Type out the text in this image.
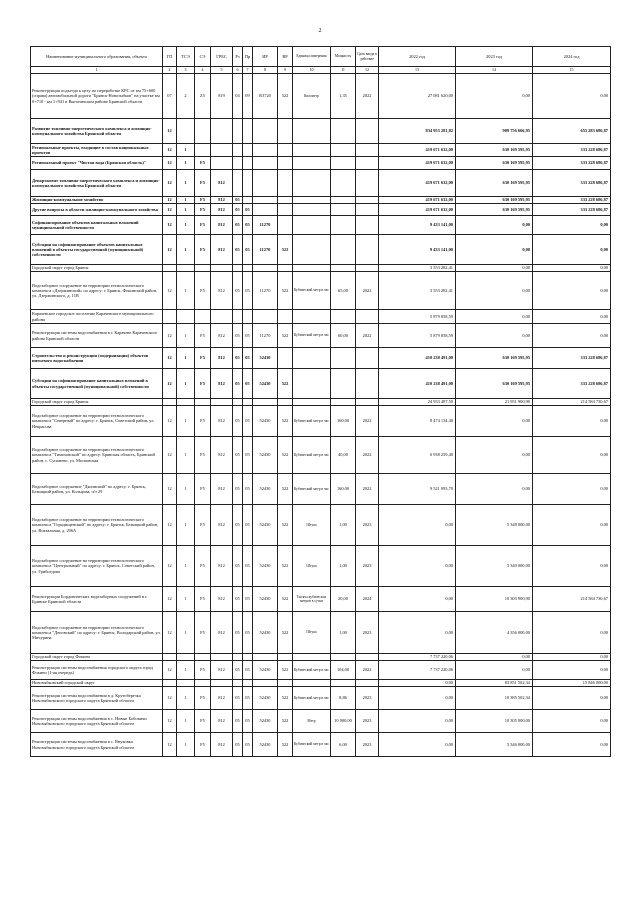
2
Наименование муниципального образования, объекта	ГП	ТСЭ	СЭ	ГРБС	Рз	Пр	ИР	ВР	Единица измерения	Мощность	Срок ввода в действие	2022 год	2023 год	2024 год
1	2	3	4	5	6	7	8	9	10	11	12	13	14	15
Реконструкция подъезда к цеху по переработке КРС от км 75+600 (справа) автомобильной дороги "Брянск-Новозыбков" на участке км 0+710 - км 1+941 в Выгоничском районе Брянской области	07	2	Z5	819	04	09	R3720	522	Километр	1,35	2022	27 081 620,00	0,00	0,00
Развитие топливно-энергетического комплекса и жилищно-коммунального хозяйства Брянской области	12											834 953 281,82	909 756 666,95	655 283 686,87
Региональные проекты, входящие в состав национальных проектов	12	1										419 671 632,00	630 169 595,95	333 228 686,87
Региональный проект "Чистая вода (Брянская область)"	12	1	F5									419 671 632,00	630 169 595,95	333 228 686,87
Департамент топливно-энергетического комплекса и жилищно-коммунального хозяйства Брянской области	12	1	F5	812								419 671 632,00	630 169 595,95	333 228 686,87
Жилищно-коммунальное хозяйство	12	1	F5	812	05							419 671 632,00	630 169 595,95	333 228 686,87
Другие вопросы в области жилищно-коммунального хозяйства	12	1	F5	812	05	05						419 671 632,00	630 169 595,95	333 228 686,87
Софинансирование объектов капитальных вложений муниципальной собственности	12	1	F5	812	05	05	11270					9 433 141,00	0,00	0,00
Субсидии на софинансирование объектов капитальных вложений в объекты государственной (муниципальной) собственности	12	1	F5	812	05	05	11270	522				9 433 141,00	0,00	0,00
Городской округ город Брянск												3 553 282,41	0,00	0,00
Водозаборное сооружение на территории технологического комплекса «Дзержинский» по адресу: г. Брянск, Фокинский район, ул. Дзержинского, д. 11В	12	1	F5	812	05	05	11270	522	Кубический метр в час	65,00	2022	3 553 282,41	0,00	0,00
Карачевское городское поселение Карачевского муниципального района												5 879 858,59	0,00	0,00
Реконструкция системы водоснабжения в г. Карачеве Карачевского района Брянской области	12	1	F5	812	05	05	11270	522	Кубический метр в час	60,00	2022	5 879 858,59	0,00	0,00
Строительство и реконструкция (модернизация) объектов питьевого водоснабжения	12	1	F5	812	05	05	52430					410 238 491,00	630 169 595,95	333 228 686,87
Субсидии на софинансирование капитальных вложений в объекты государственной (муниципальной) собственности	12	1	F5	812	05	05	52430	522				410 238 491,00	630 169 595,95	333 228 686,87
Городской округ город Брянск												24 933 487,50	21 951 900,90	214 584 730,67
Водозаборное сооружение на территории технологического комплекса "Северный" по адресу: г. Брянск, Советский район, ул. Некрасова	12	1	F5	812	05	05	52430	522	Кубический метр в час	160,00	2022	8 474 134,40	0,00	0,00
Водозаборное сооружение на территории технологического комплекса "Тимоховский" по адресу: Брянская область, Брянский район, с. Супонево, ул. Московская	12	1	F5	812	05	05	52430	522	Кубический метр в час	40,00	2022	6 938 259,40	0,00	0,00
Водозаборное сооружение "Дясинский" по адресу: г. Брянск, Бежицкий район, ул. Кольцова, п/з 29	12	1	F5	812	05	05	52430	522	Кубический метр в час	160,00	2022	9 521 093,70	0,00	0,00
Водозаборное сооружение на территории технологического комплекса "Городищенский" по адресу: г. Брянск, Бежицкий район, ул. Вокзальная, д. 206А	12	1	F5	812	05	05	52430	522	Штука	1,00	2023	0,00	5 348 000,00	0,00
Водозаборное сооружение на территории технологического комплекса "Центральный" по адресу: г. Брянск, Советский район, ул. Грибоедова	12	1	F5	812	05	05	52430	522	Штука	1,00	2023	0,00	5 340 000,00	0,00
Реконструкция Бордовических водозаборных сооружений в г. Брянске Брянской области	12	1	F5	812	05	05	52430	522	Тысяча кубических метров в сутки	20,00	2024	0,00	10 303 900,90	214 584 730,67
Водозаборное сооружение на территории технологического комплекса "Деповский" по адресу: г. Брянск, Володарский район, ул. Мичурина	12	1	F5	812	05	05	52430	522	Штука	1,00	2023	0,00	4 356 000,00	0,00
Городской округ город Фокино												7 737 220,06	0,00	0,00
Реконструкция системы водоснабжения городского округа город Фокино (1-ая очередь)	12	1	F5	812	05	05	52430	522	Кубический метр в час	104,00	2022	7 737 220,06	0,00	0,00
Новозыбковский городской округ												0,00	83 851 502,34	15 846 000,00
Реконструкция системы водоснабжения в д. Крутоберезка Новозыбковского городского округа Брянской области	12	1	F5	812	05	05	52430	522	Кубический метр в час	8,86	2023	0,00	10 385 502,34	0,00
Реконструкция системы водоснабжения в с. Новые Бобовичи Новозыбковского городского округа Брянской области	12	1	F5	812	05	05	52430	522	Метр	10 000,00	2023	0,00	10 305 000,00	0,00
Реконструкция системы водоснабжения в с. Внуковка Новозыбковского городского округа Брянской области	12	1	F5	812	05	05	52430	522	Кубический метр в час	6,00	2023	0,00	5 346 000,00	0,00
